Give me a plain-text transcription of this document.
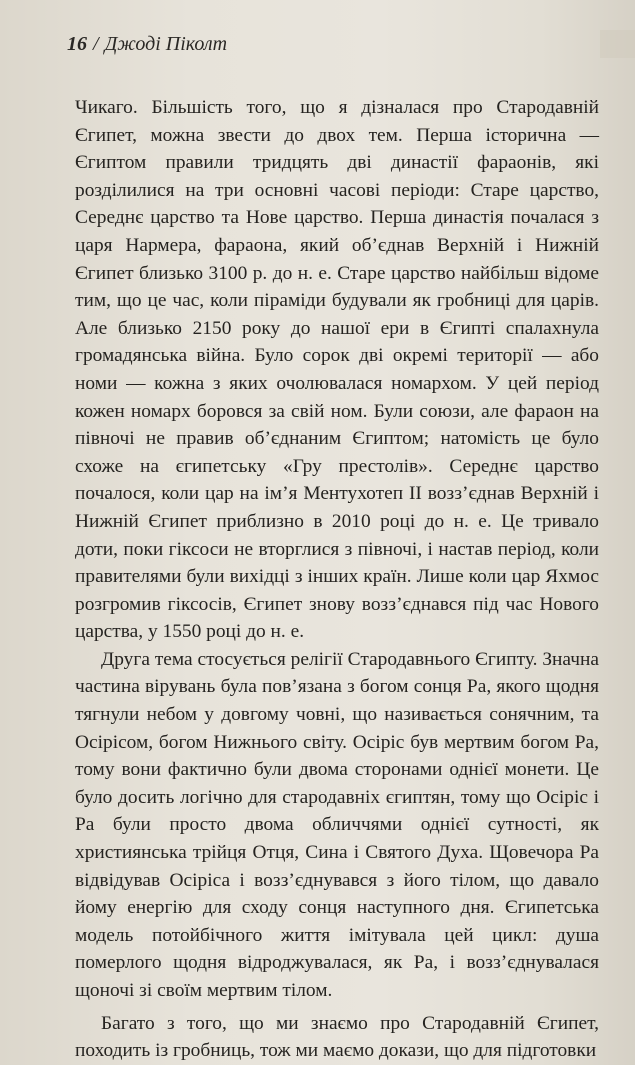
16 / Джоді Піколт

Чикаго. Більшість того, що я дізналася про Стародавній Єгипет, можна звести до двох тем. Перша історична — Єгиптом правили тридцять дві династії фараонів, які розділилися на три основні часові періоди: Старе царство, Середнє царство та Нове царство. Перша династія почалася з царя Нармера, фараона, який об’єднав Верхній і Нижній Єгипет близько 3100 р. до н. е. Старе царство найбільш відоме тим, що це час, коли піраміди будували як гробниці для царів. Але близько 2150 року до нашої ери в Єгипті спалахнула громадянська війна. Було сорок дві окремі території — або номи — кожна з яких очолювалася номархом. У цей період кожен номарх боровся за свій ном. Були союзи, але фараон на півночі не правив об’єднаним Єгиптом; натомість це було схоже на єгипетську «Гру престолів». Середнє царство почалося, коли цар на ім’я Ментухотеп II возз’єднав Верхній і Нижній Єгипет приблизно в 2010 році до н. е. Це тривало доти, поки гіксоси не вторглися з півночі, і настав період, коли правителями були вихідці з інших країн. Лише коли цар Яхмос розгромив гіксосів, Єгипет знову возз’єднався під час Нового царства, у 1550 році до н. е.

Друга тема стосується релігії Стародавнього Єгипту. Значна частина вірувань була пов’язана з богом сонця Ра, якого щодня тягнули небом у довгому човні, що називається сонячним, та Осірісом, богом Нижнього світу. Осіріс був мертвим богом Ра, тому вони фактично були двома сторонами однієї монети. Це було досить логічно для стародавніх єгиптян, тому що Осіріс і Ра були просто двома обличчями однієї сутності, як християнська трійця Отця, Сина і Святого Духа. Щовечора Ра відвідував Осіріса і возз’єднувався з його тілом, що давало йому енергію для сходу сонця наступного дня. Єгипетська модель потойбічного життя імітувала цей цикл: душа померлого щодня відроджувалася, як Ра, і возз’єднувалася щоночі зі своїм мертвим тілом.

Багато з того, що ми знаємо про Стародавній Єгипет, походить із гробниць, тож ми маємо докази, що для підготовки
